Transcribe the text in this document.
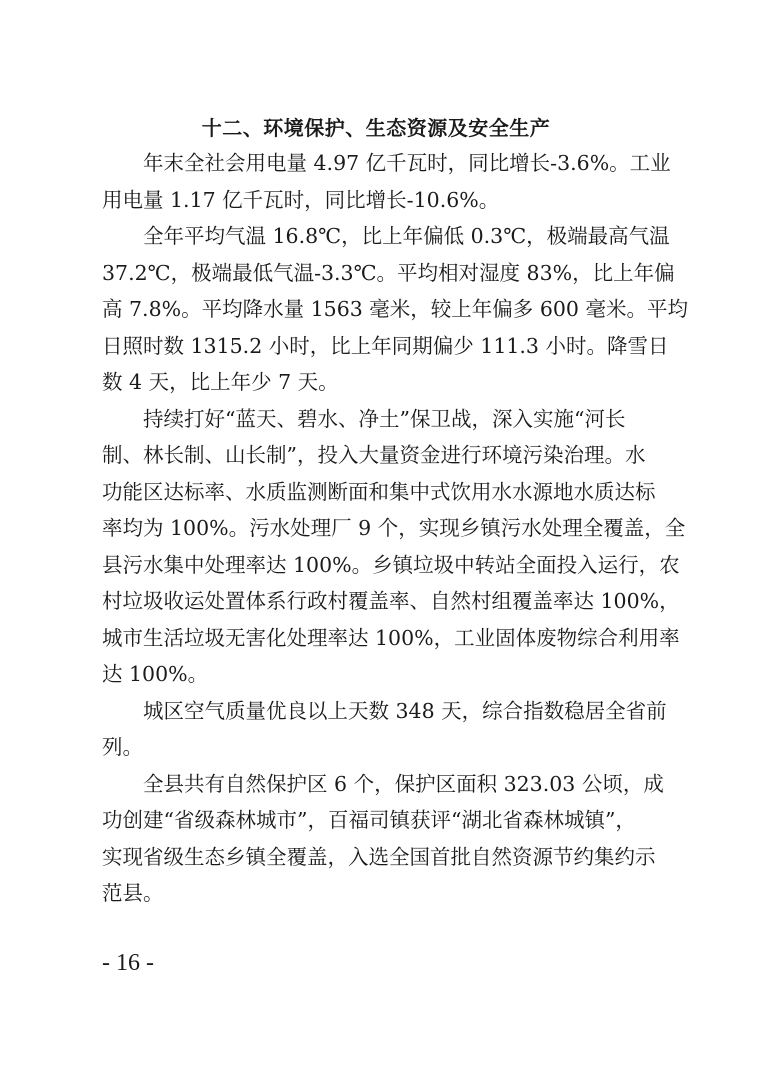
十二、环境保护、生态资源及安全生产

年末全社会用电量 4.97 亿千瓦时，同比增长-3.6%。工业
用电量 1.17 亿千瓦时，同比增长-10.6%。

全年平均气温 16.8℃，比上年偏低 0.3℃，极端最高气温
37.2℃，极端最低气温-3.3℃。平均相对湿度 83%，比上年偏
高 7.8%。平均降水量 1563 毫米，较上年偏多 600 毫米。平均
日照时数 1315.2 小时，比上年同期偏少 111.3 小时。降雪日
数 4 天，比上年少 7 天。

持续打好“蓝天、碧水、净土”保卫战，深入实施“河长
制、林长制、山长制”，投入大量资金进行环境污染治理。水
功能区达标率、水质监测断面和集中式饮用水水源地水质达标
率均为 100%。污水处理厂 9 个，实现乡镇污水处理全覆盖，全
县污水集中处理率达 100%。乡镇垃圾中转站全面投入运行，农
村垃圾收运处置体系行政村覆盖率、自然村组覆盖率达 100%，
城市生活垃圾无害化处理率达 100%，工业固体废物综合利用率
达 100%。

城区空气质量优良以上天数 348 天，综合指数稳居全省前
列。

全县共有自然保护区 6 个，保护区面积 323.03 公顷，成
功创建“省级森林城市”，百福司镇获评“湖北省森林城镇”，
实现省级生态乡镇全覆盖，入选全国首批自然资源节约集约示
范县。

- 16 -
